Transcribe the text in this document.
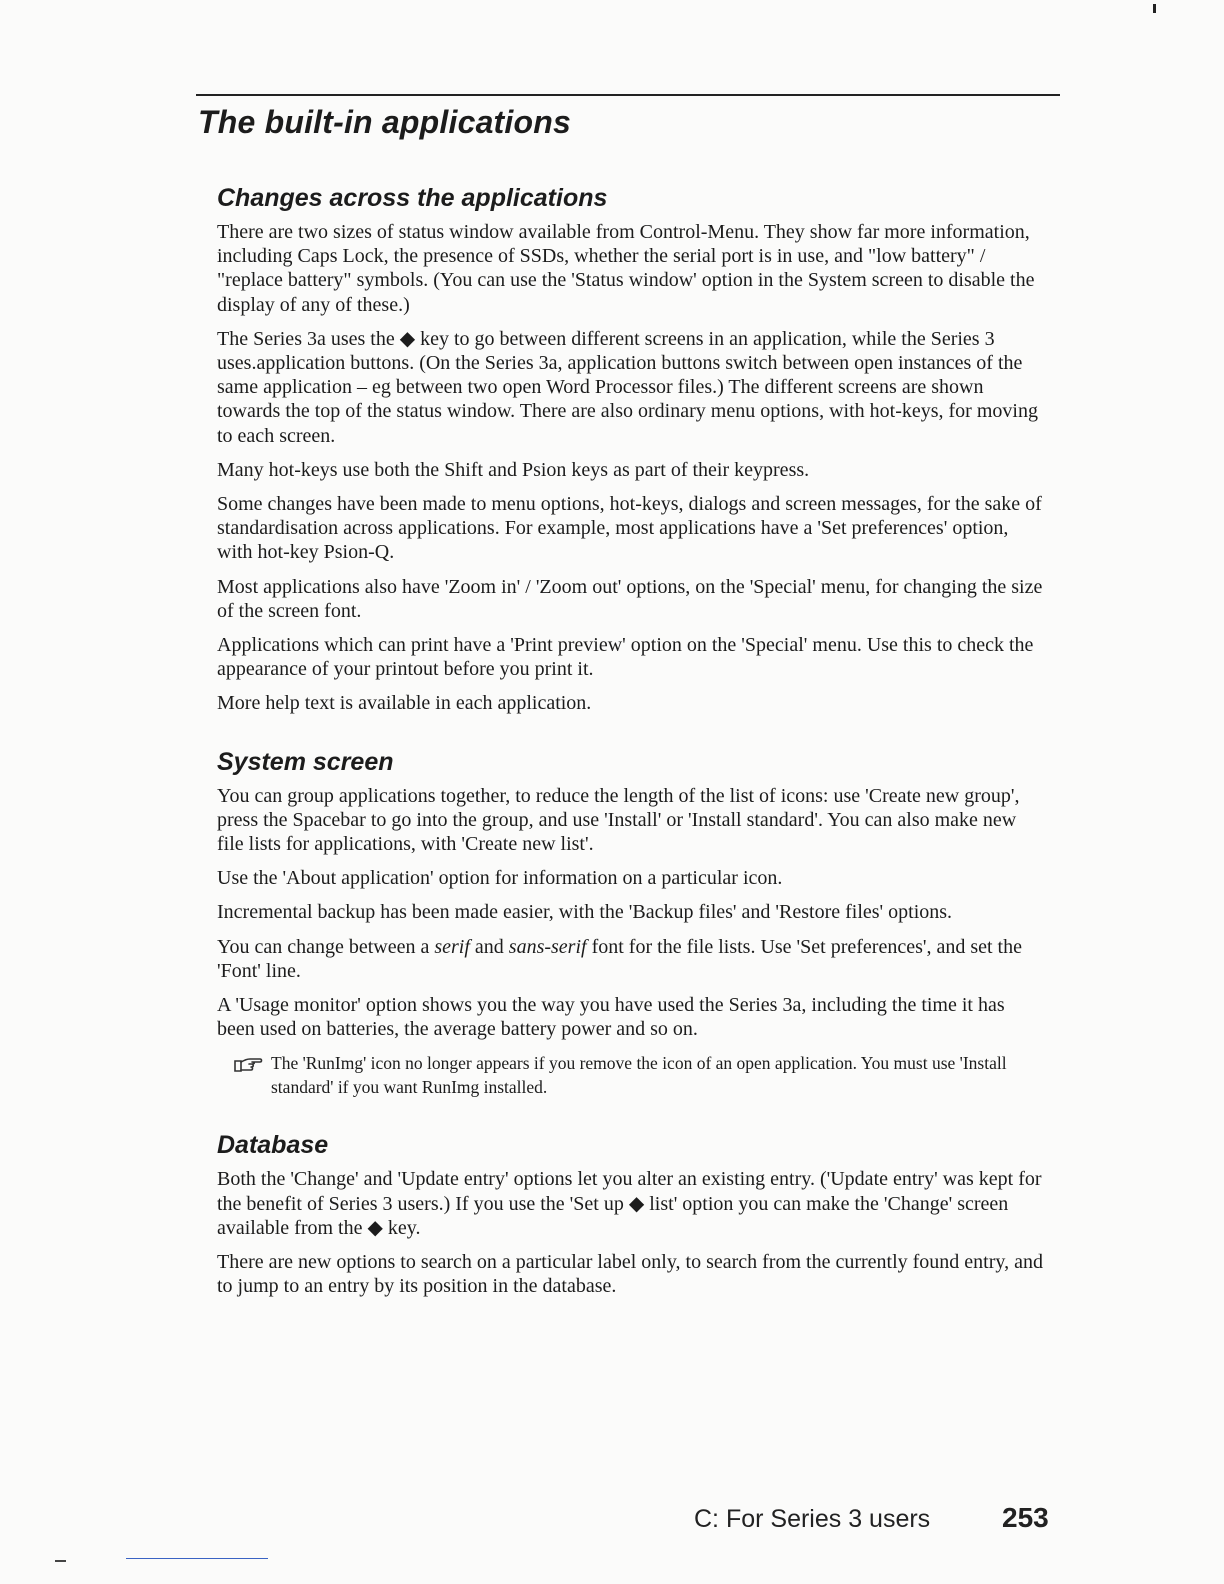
The built-in applications
Changes across the applications

There are two sizes of status window available from Control-Menu. They show far more information, including Caps Lock, the presence of SSDs, whether the serial port is in use, and "low battery" / "replace battery" symbols. (You can use the 'Status window' option in the System screen to disable the display of any of these.)

The Series 3a uses the ◆ key to go between different screens in an application, while the Series 3 uses.application buttons. (On the Series 3a, application buttons switch between open instances of the same application – eg between two open Word Processor files.) The different screens are shown towards the top of the status window. There are also ordinary menu options, with hot-keys, for moving to each screen.

Many hot-keys use both the Shift and Psion keys as part of their keypress.

Some changes have been made to menu options, hot-keys, dialogs and screen messages, for the sake of standardisation across applications. For example, most applications have a 'Set preferences' option, with hot-key Psion-Q.

Most applications also have 'Zoom in' / 'Zoom out' options, on the 'Special' menu, for changing the size of the screen font.

Applications which can print have a 'Print preview' option on the 'Special' menu. Use this to check the appearance of your printout before you print it.

More help text is available in each application.

System screen

You can group applications together, to reduce the length of the list of icons: use 'Create new group', press the Spacebar to go into the group, and use 'Install' or 'Install standard'. You can also make new file lists for applications, with 'Create new list'.

Use the 'About application' option for information on a particular icon.

Incremental backup has been made easier, with the 'Backup files' and 'Restore files' options.

You can change between a serif and sans-serif font for the file lists. Use 'Set preferences', and set the 'Font' line.

A 'Usage monitor' option shows you the way you have used the Series 3a, including the time it has been used on batteries, the average battery power and so on.

The 'RunImg' icon no longer appears if you remove the icon of an open application. You must use 'Install standard' if you want RunImg installed.
Database

Both the 'Change' and 'Update entry' options let you alter an existing entry. ('Update entry' was kept for the benefit of Series 3 users.) If you use the 'Set up ◆ list' option you can make the 'Change' screen available from the ◆ key.

There are new options to search on a particular label only, to search from the currently found entry, and to jump to an entry by its position in the database.

C: For Series 3 users	253
